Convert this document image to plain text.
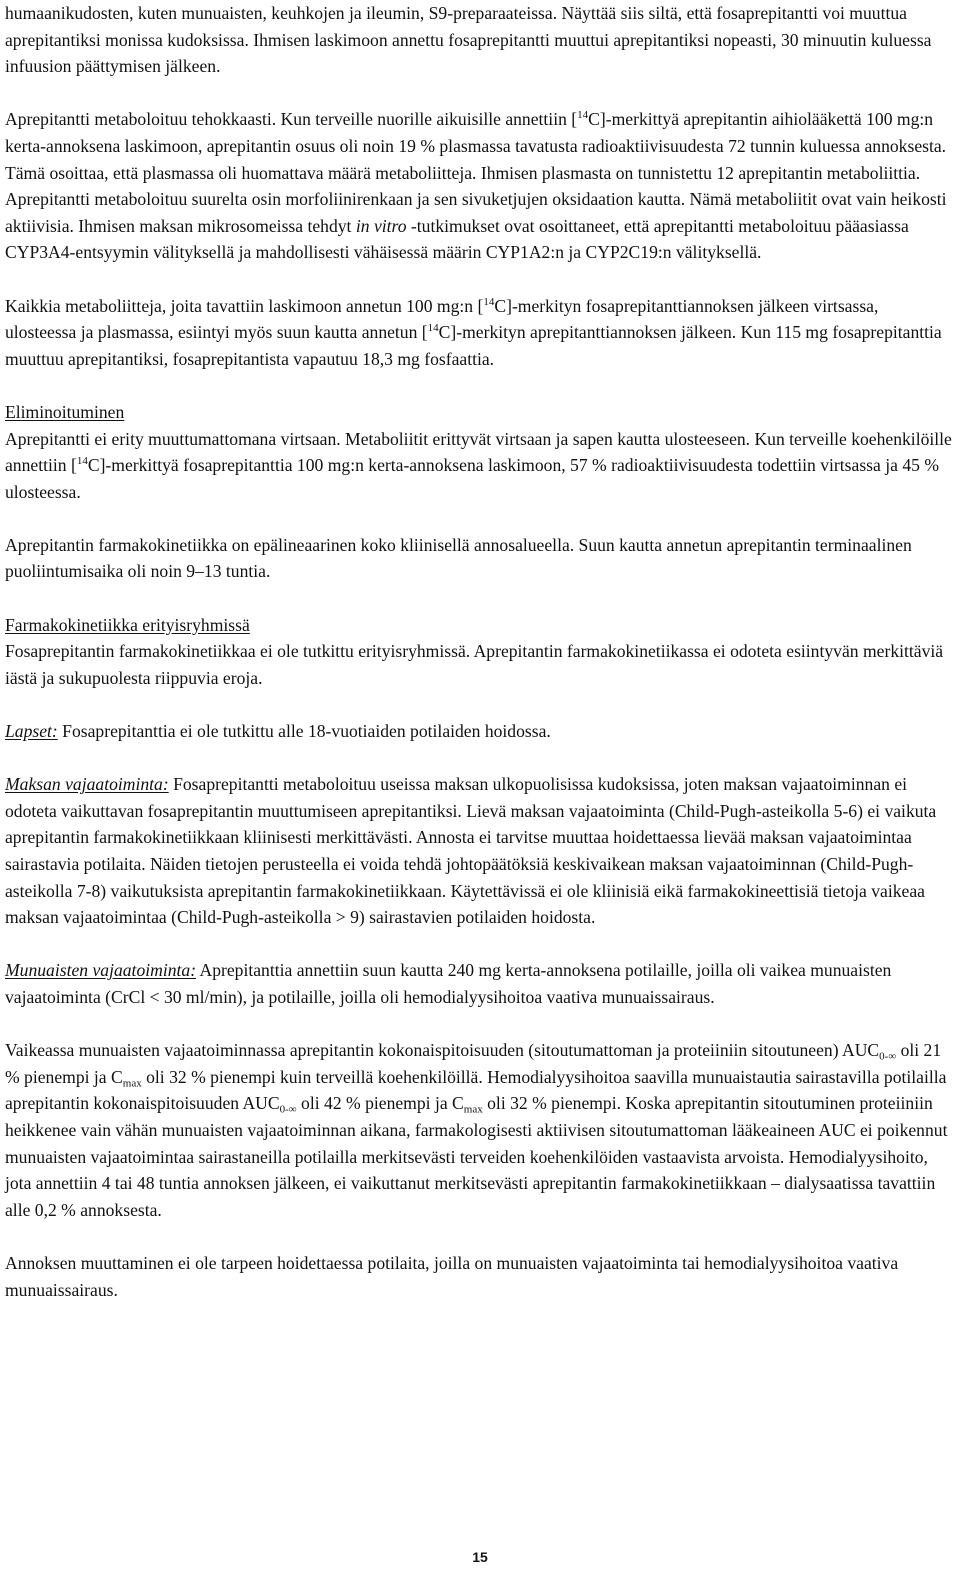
humaanikudosten, kuten munuaisten, keuhkojen ja ileumin, S9-preparaateissa. Näyttää siis siltä, että fosaprepitantti voi muuttua aprepitantiksi monissa kudoksissa. Ihmisen laskimoon annettu fosaprepitantti muuttui aprepitantiksi nopeasti, 30 minuutin kuluessa infuusion päättymisen jälkeen.

Aprepitantti metaboloituu tehokkaasti. Kun terveille nuorille aikuisille annettiin [$^{14}$C]-merkittyä aprepitantin aihiolääkettä 100 mg:n kerta-annoksena laskimoon, aprepitantin osuus oli noin 19 % plasmassa tavatusta radioaktiivisuudesta 72 tunnin kuluessa annoksesta. Tämä osoittaa, että plasmassa oli huomattava määrä metaboliitteja. Ihmisen plasmasta on tunnistettu 12 aprepitantin metaboliittia. Aprepitantti metaboloituu suurelta osin morfoliinirenkaan ja sen sivuketjujen oksidaation kautta. Nämä metaboliitit ovat vain heikosti aktiivisia. Ihmisen maksan mikrosomeissa tehdyt in vitro -tutkimukset ovat osoittaneet, että aprepitantti metaboloituu pääasiassa CYP3A4-entsyymin välityksellä ja mahdollisesti vähäisessä määrin CYP1A2:n ja CYP2C19:n välityksellä.

Kaikkia metaboliitteja, joita tavattiin laskimoon annetun 100 mg:n [$^{14}$C]-merkityn fosaprepitanttiannoksen jälkeen virtsassa, ulosteessa ja plasmassa, esiintyi myös suun kautta annetun [$^{14}$C]-merkityn aprepitanttiannoksen jälkeen. Kun 115 mg fosaprepitanttia muuttuu aprepitantiksi, fosaprepitantista vapautuu 18,3 mg fosfaattia.

Eliminoituminen

Aprepitantti ei erity muuttumattomana virtsaan. Metaboliitit erittyvät virtsaan ja sapen kautta ulosteeseen. Kun terveille koehenkilöille annettiin [$^{14}$C]-merkittyä fosaprepitanttia 100 mg:n kerta-annoksena laskimoon, 57 % radioaktiivisuudesta todettiin virtsassa ja 45 % ulosteessa.

Aprepitantin farmakokinetiikka on epälineaarinen koko kliinisellä annosalueella. Suun kautta annetun aprepitantin terminaalinen puoliintumisaika oli noin 9–13 tuntia.

Farmakokinetiikka erityisryhmissä

Fosaprepitantin farmakokinetiikkaa ei ole tutkittu erityisryhmissä. Aprepitantin farmakokinetiikassa ei odoteta esiintyvän merkittäviä iästä ja sukupuolesta riippuvia eroja.

Lapset: Fosaprepitanttia ei ole tutkittu alle 18-vuotiaiden potilaiden hoidossa.

Maksan vajaatoiminta: Fosaprepitantti metaboloituu useissa maksan ulkopuolisissa kudoksissa, joten maksan vajaatoiminnan ei odoteta vaikuttavan fosaprepitantin muuttumiseen aprepitantiksi. Lievä maksan vajaatoiminta (Child-Pugh-asteikolla 5-6) ei vaikuta aprepitantin farmakokinetiikkaan kliinisesti merkittävästi. Annosta ei tarvitse muuttaa hoidettaessa lievää maksan vajaatoimintaa sairastavia potilaita. Näiden tietojen perusteella ei voida tehdä johtopäätöksiä keskivaikean maksan vajaatoiminnan (Child-Pugh-asteikolla 7-8) vaikutuksista aprepitantin farmakokinetiikkaan. Käytettävissä ei ole kliinisiä eikä farmakokineettisiä tietoja vaikeaa maksan vajaatoimintaa (Child-Pugh-asteikolla > 9) sairastavien potilaiden hoidosta.

Munuaisten vajaatoiminta: Aprepitanttia annettiin suun kautta 240 mg kerta-annoksena potilaille, joilla oli vaikea munuaisten vajaatoiminta (CrCl < 30 ml/min), ja potilaille, joilla oli hemodialyysihoitoa vaativa munuaissairaus.

Vaikeassa munuaisten vajaatoiminnassa aprepitantin kokonaispitoisuuden (sitoutumattoman ja proteiiniin sitoutuneen) $AUC_{0-\infty}$ oli 21 % pienempi ja $C_{max}$ oli 32 % pienempi kuin terveillä koehenkilöillä. Hemodialyysihoitoa saavilla munuaistautia sairastavilla potilailla aprepitantin kokonaispitoisuuden $AUC_{0-\infty}$ oli 42 % pienempi ja $C_{max}$ oli 32 % pienempi. Koska aprepitantin sitoutuminen proteiiniin heikkenee vain vähän munuaisten vajaatoiminnan aikana, farmakologisesti aktiivisen sitoutumattoman lääkeaineen AUC ei poikennut munuaisten vajaatoimintaa sairastaneilla potilailla merkitsevästi terveiden koehenkilöiden vastaavista arvoista. Hemodialyysihoito, jota annettiin 4 tai 48 tuntia annoksen jälkeen, ei vaikuttanut merkitsevästi aprepitantin farmakokinetiikkaan – dialysaatissa tavattiin alle 0,2 % annoksesta.

Annoksen muuttaminen ei ole tarpeen hoidettaessa potilaita, joilla on munuaisten vajaatoiminta tai hemodialyysihoitoa vaativa munuaissairaus.

15
